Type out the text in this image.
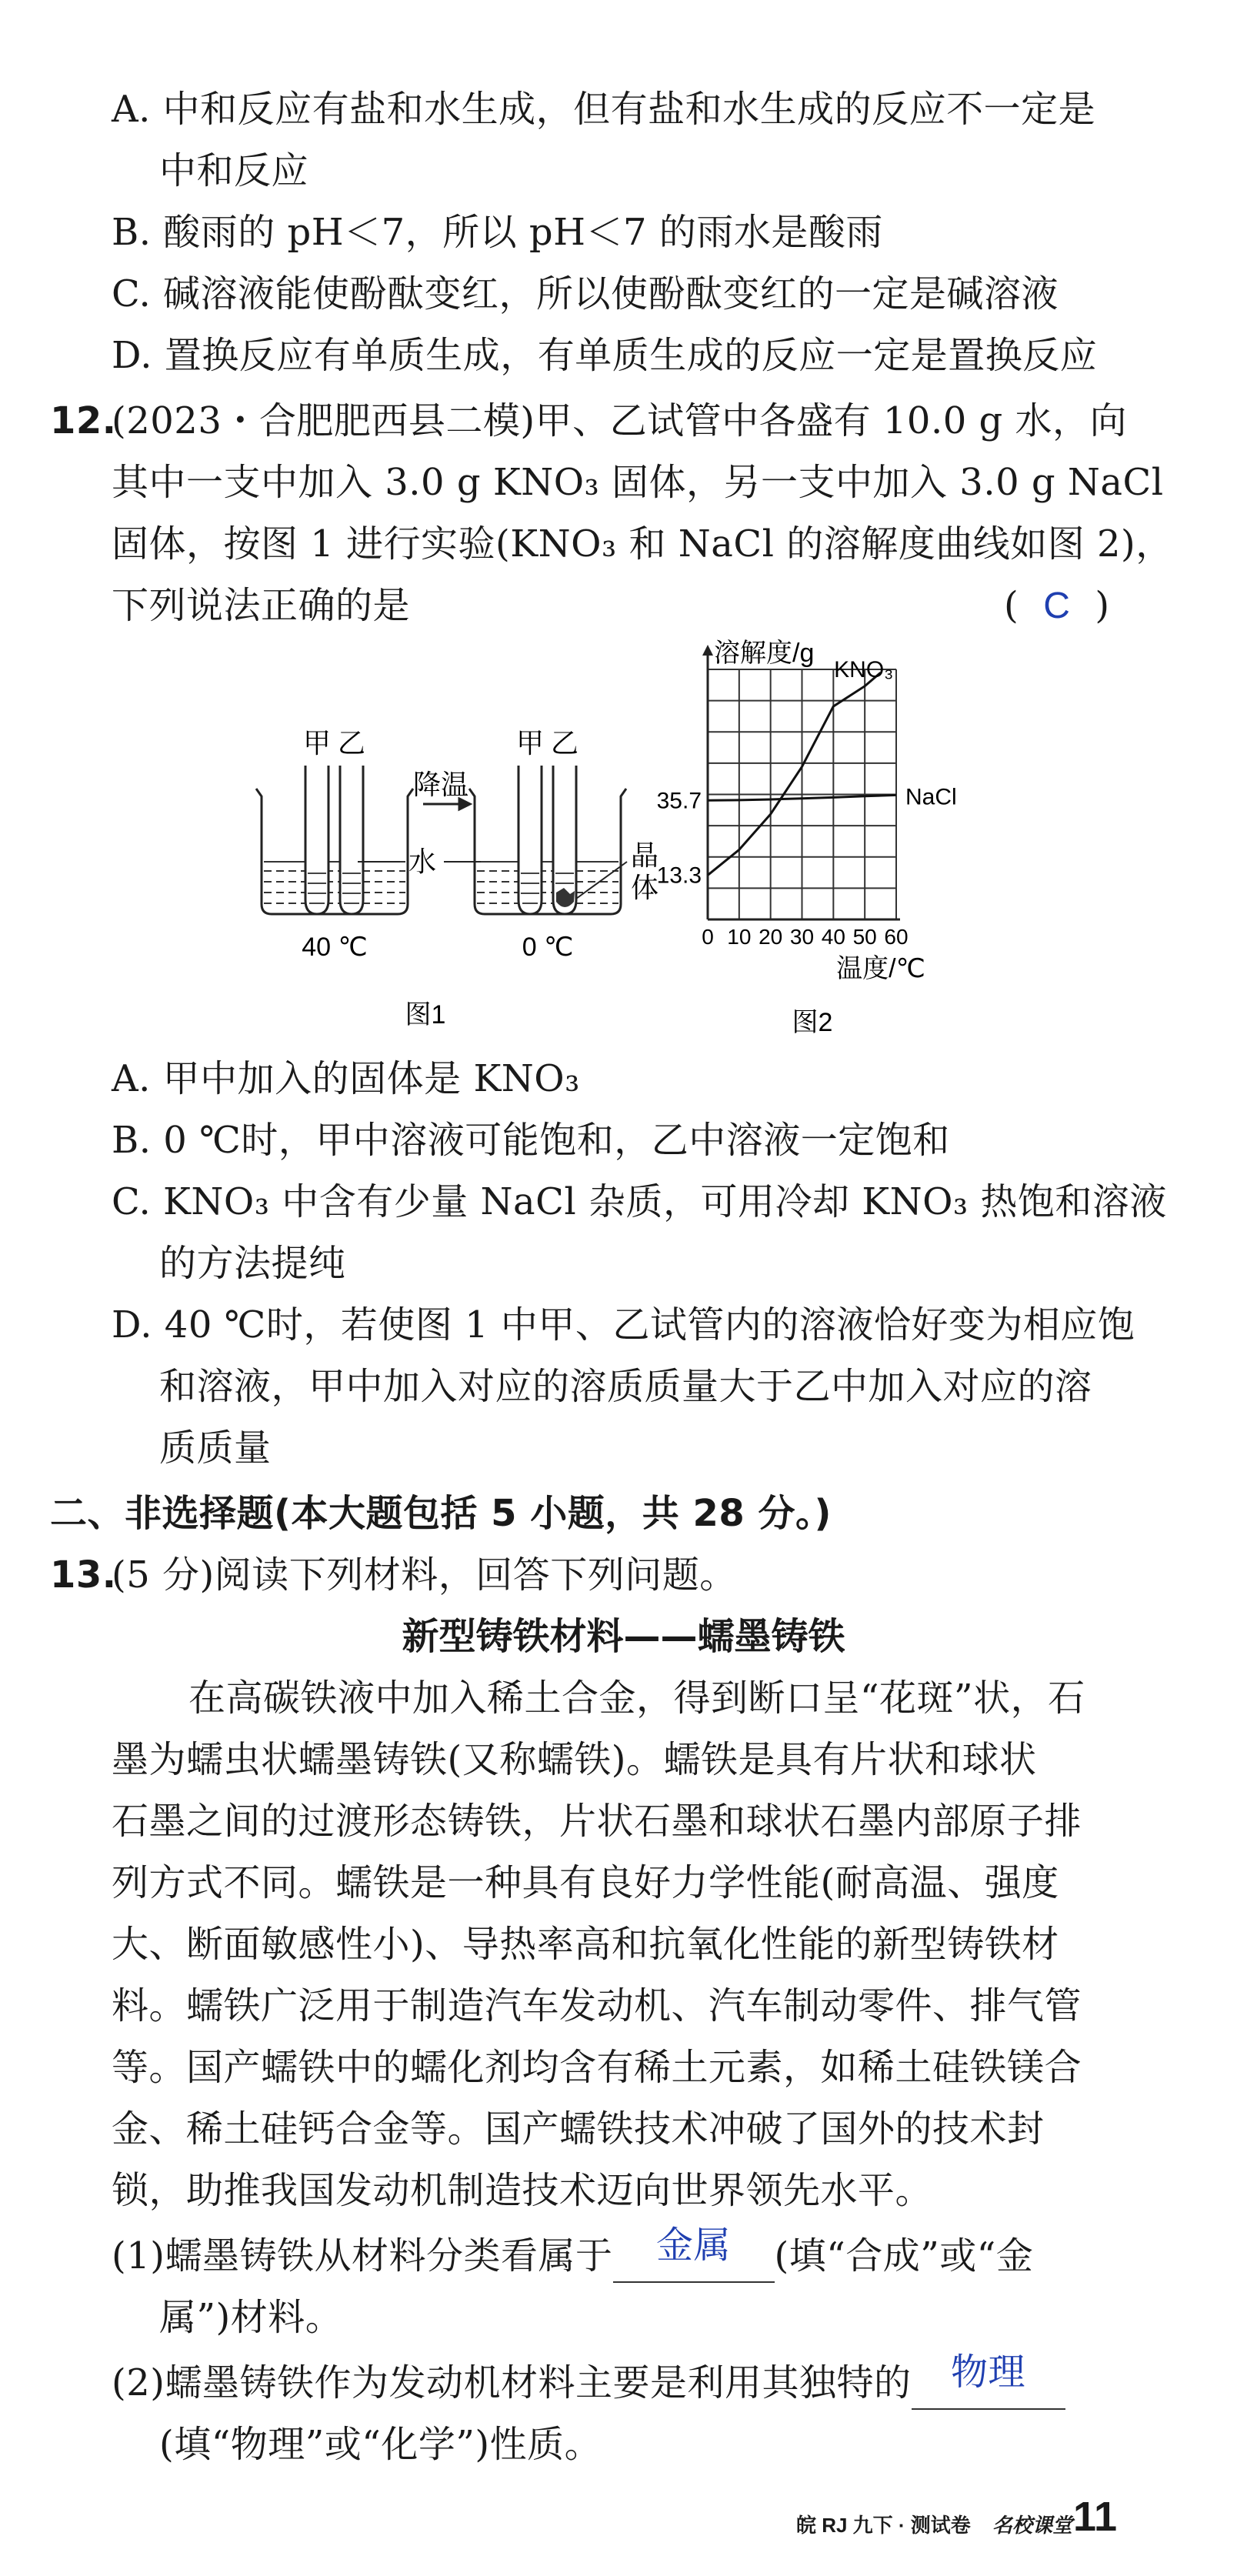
A. 中和反应有盐和水生成，但有盐和水生成的反应不一定是
中和反应
B. 酸雨的 pH＜7，所以 pH＜7 的雨水是酸雨
C. 碱溶液能使酚酞变红，所以使酚酞变红的一定是碱溶液
D. 置换反应有单质生成，有单质生成的反应一定是置换反应
12.
(2023・合肥肥西县二模)甲、乙试管中各盛有 10.0 g 水，向
其中一支中加入 3.0 g KNO₃ 固体，另一支中加入 3.0 g NaCl
固体，按图 1 进行实验(KNO₃ 和 NaCl 的溶解度曲线如图 2)，
下列说法正确的是	( C )
甲 乙	甲 乙
降温
水	晶
体
40 ℃	0 ℃
图1
0 10 20 30 40 50 60
13.3
35.7
溶解度/g
温度/℃
KNO₃
NaCl
图2
A. 甲中加入的固体是 KNO₃
B. 0 ℃时，甲中溶液可能饱和，乙中溶液一定饱和
C. KNO₃ 中含有少量 NaCl 杂质，可用冷却 KNO₃ 热饱和溶液
的方法提纯
D. 40 ℃时，若使图 1 中甲、乙试管内的溶液恰好变为相应饱
和溶液，甲中加入对应的溶质质量大于乙中加入对应的溶
质质量
二、非选择题(本大题包括 5 小题，共 28 分。)
13.
(5 分)阅读下列材料，回答下列问题。
新型铸铁材料——蠕墨铸铁
在高碳铁液中加入稀土合金，得到断口呈“花斑”状，石
墨为蠕虫状蠕墨铸铁(又称蠕铁)。蠕铁是具有片状和球状
石墨之间的过渡形态铸铁，片状石墨和球状石墨内部原子排
列方式不同。蠕铁是一种具有良好力学性能(耐高温、强度
大、断面敏感性小)、导热率高和抗氧化性能的新型铸铁材
料。蠕铁广泛用于制造汽车发动机、汽车制动零件、排气管
等。国产蠕铁中的蠕化剂均含有稀土元素，如稀土硅铁镁合
金、稀土硅钙合金等。国产蠕铁技术冲破了国外的技术封
锁，助推我国发动机制造技术迈向世界领先水平。
(1)蠕墨铸铁从材料分类看属于 金属 (填“合成”或“金
属”)材料。
(2)蠕墨铸铁作为发动机材料主要是利用其独特的 物理
(填“物理”或“化学”)性质。
皖 RJ 九下 · 测试卷 名校课堂 11
